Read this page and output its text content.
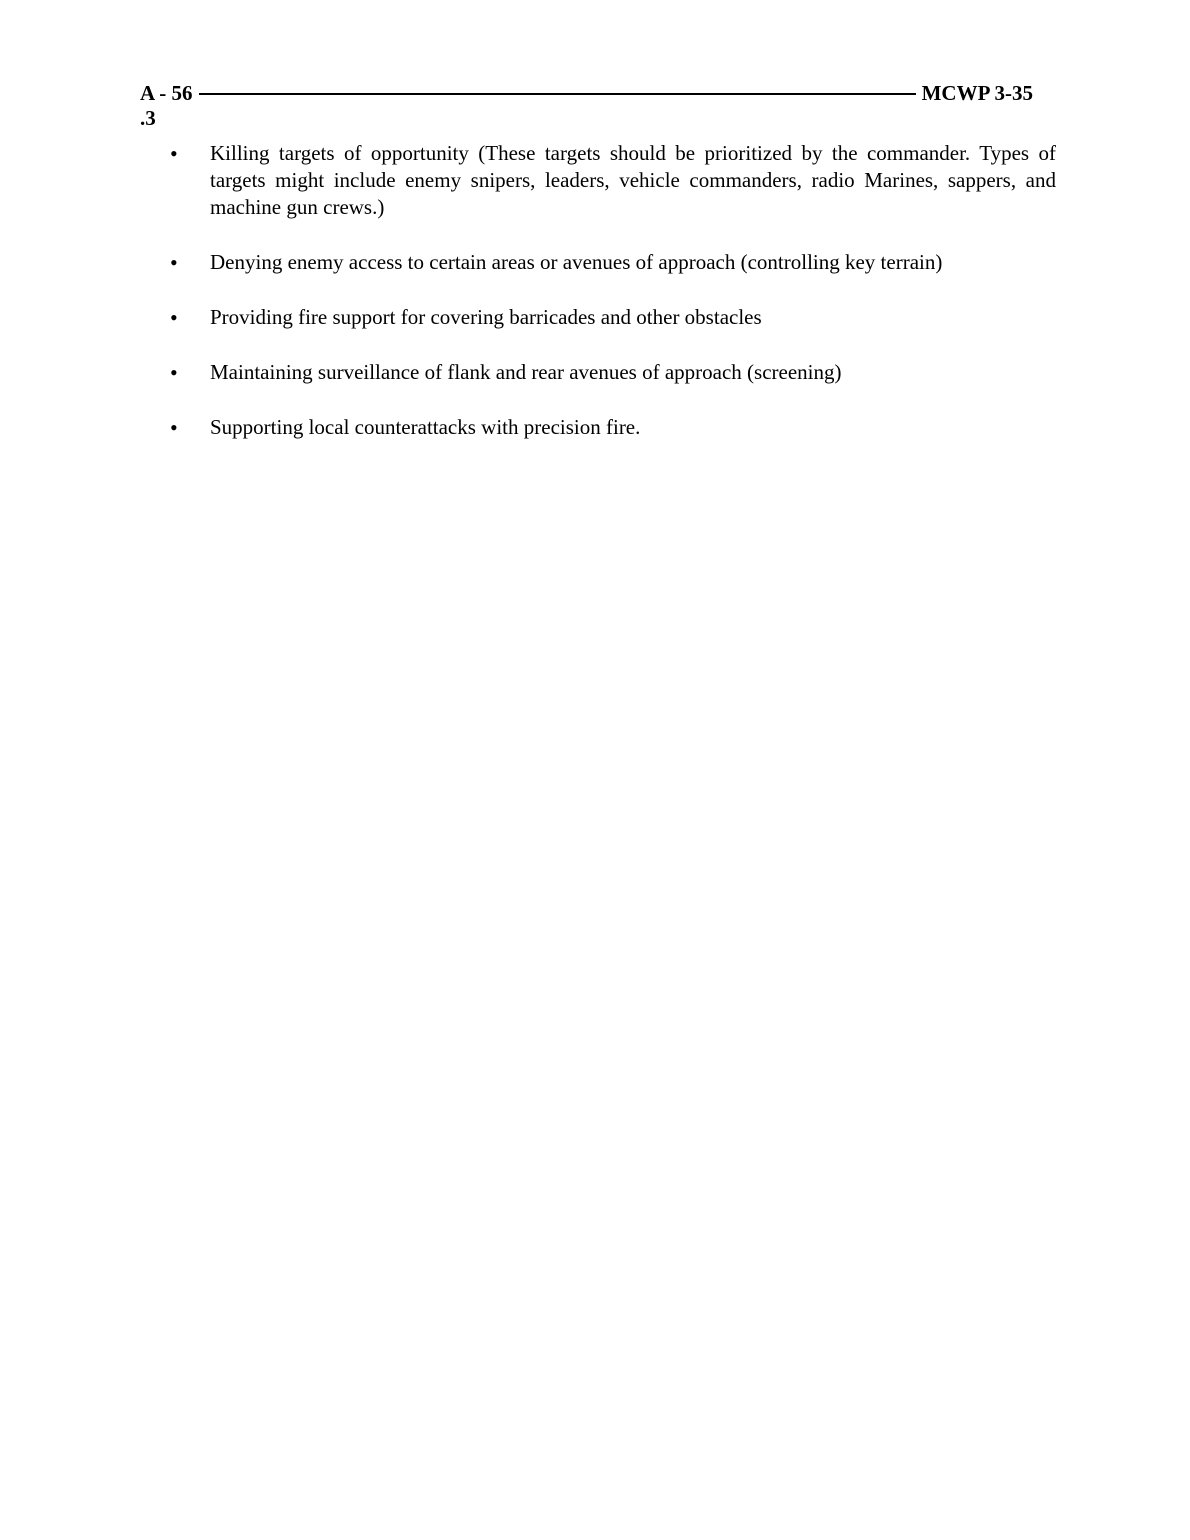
A - 56	MCWP 3-35
.3
•	Killing targets of opportunity (These targets should be prioritized by the commander. Types of targets might include enemy snipers, leaders, vehicle commanders, radio Marines, sappers, and machine gun crews.)
•	Denying enemy access to certain areas or avenues of approach (controlling key terrain)
•	Providing fire support for covering barricades and other obstacles
•	Maintaining surveillance of flank and rear avenues of approach (screening)
•	Supporting local counterattacks with precision fire.
